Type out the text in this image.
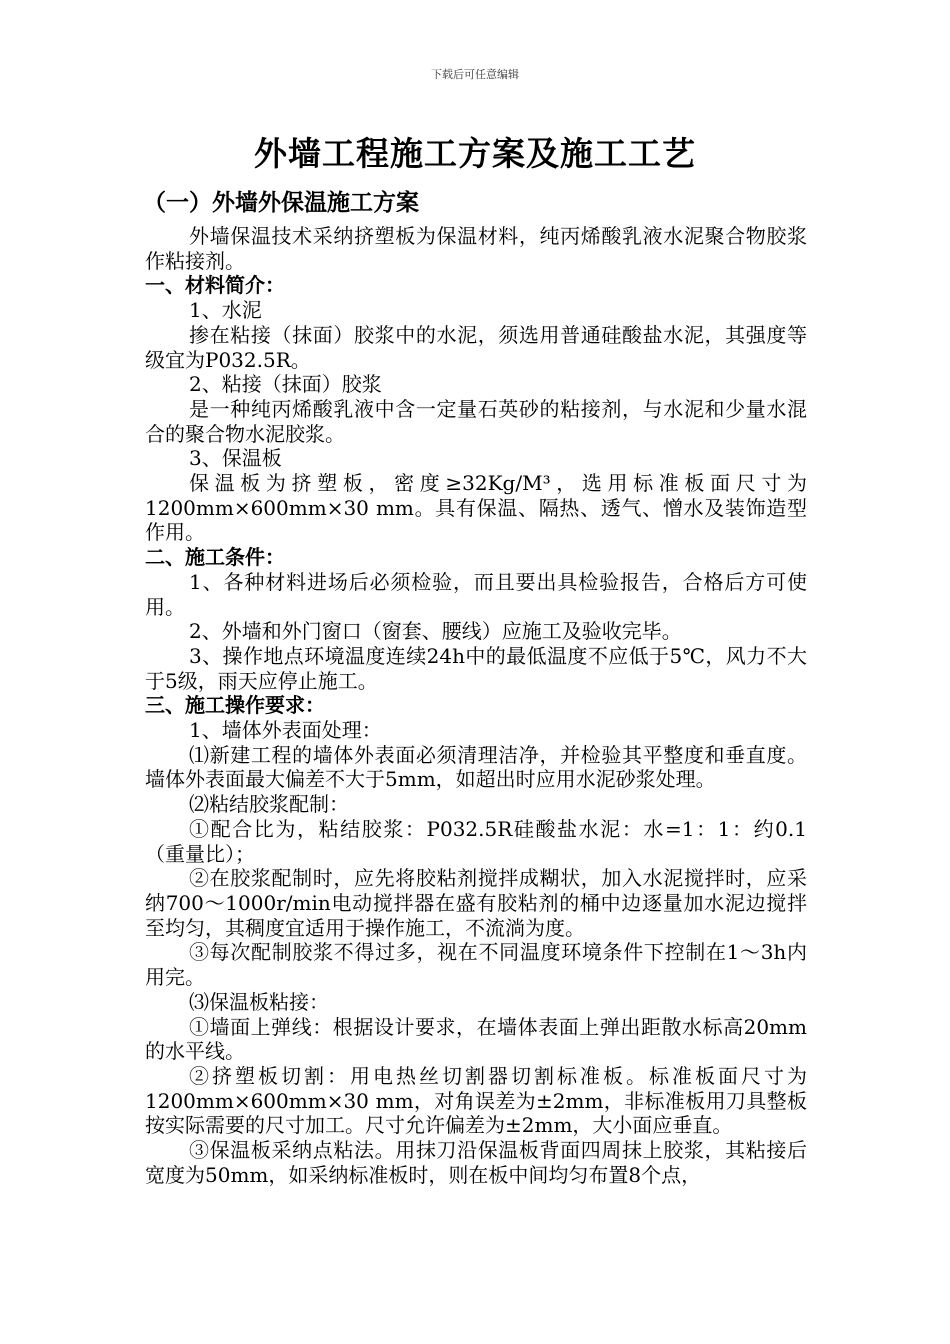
下载后可任意编辑
外墙工程施工方案及施工工艺
（一）外墙外保温施工方案

外墙保温技术采纳挤塑板为保温材料，纯丙烯酸乳液水泥聚合物胶浆作粘接剂。

一、材料简介：

1、水泥

掺在粘接（抹面）胶浆中的水泥，须选用普通硅酸盐水泥，其强度等级宜为P032.5R。

2、粘接（抹面）胶浆

是一种纯丙烯酸乳液中含一定量石英砂的粘接剂，与水泥和少量水混合的聚合物水泥胶浆。

3、保温板

保温板为挤塑板，密度≥32Kg/M³，选用标准板面尺寸为1200mm×600mm×30 mm。具有保温、隔热、透气、憎水及装饰造型作用。

二、施工条件：

1、各种材料进场后必须检验，而且要出具检验报告，合格后方可使用。

2、外墙和外门窗口（窗套、腰线）应施工及验收完毕。

3、操作地点环境温度连续24h中的最低温度不应低于5℃，风力不大于5级，雨天应停止施工。

三、施工操作要求：

1、墙体外表面处理：

⑴新建工程的墙体外表面必须清理洁净，并检验其平整度和垂直度。墙体外表面最大偏差不大于5mm，如超出时应用水泥砂浆处理。

⑵粘结胶浆配制：

①配合比为，粘结胶浆：P032.5R硅酸盐水泥：水=1：1：约0.1（重量比）；

②在胶浆配制时，应先将胶粘剂搅拌成糊状，加入水泥搅拌时，应采纳700～1000r/min电动搅拌器在盛有胶粘剂的桶中边逐量加水泥边搅拌至均匀，其稠度宜适用于操作施工，不流淌为度。

③每次配制胶浆不得过多，视在不同温度环境条件下控制在1～3h内用完。

⑶保温板粘接：

①墙面上弹线：根据设计要求，在墙体表面上弹出距散水标高20mm的水平线。

②挤塑板切割：用电热丝切割器切割标准板。标准板面尺寸为1200mm×600mm×30 mm，对角误差为±2mm，非标准板用刀具整板按实际需要的尺寸加工。尺寸允许偏差为±2mm，大小面应垂直。

③保温板采纳点粘法。用抹刀沿保温板背面四周抹上胶浆，其粘接后宽度为50mm，如采纳标准板时，则在板中间均匀布置8个点，
